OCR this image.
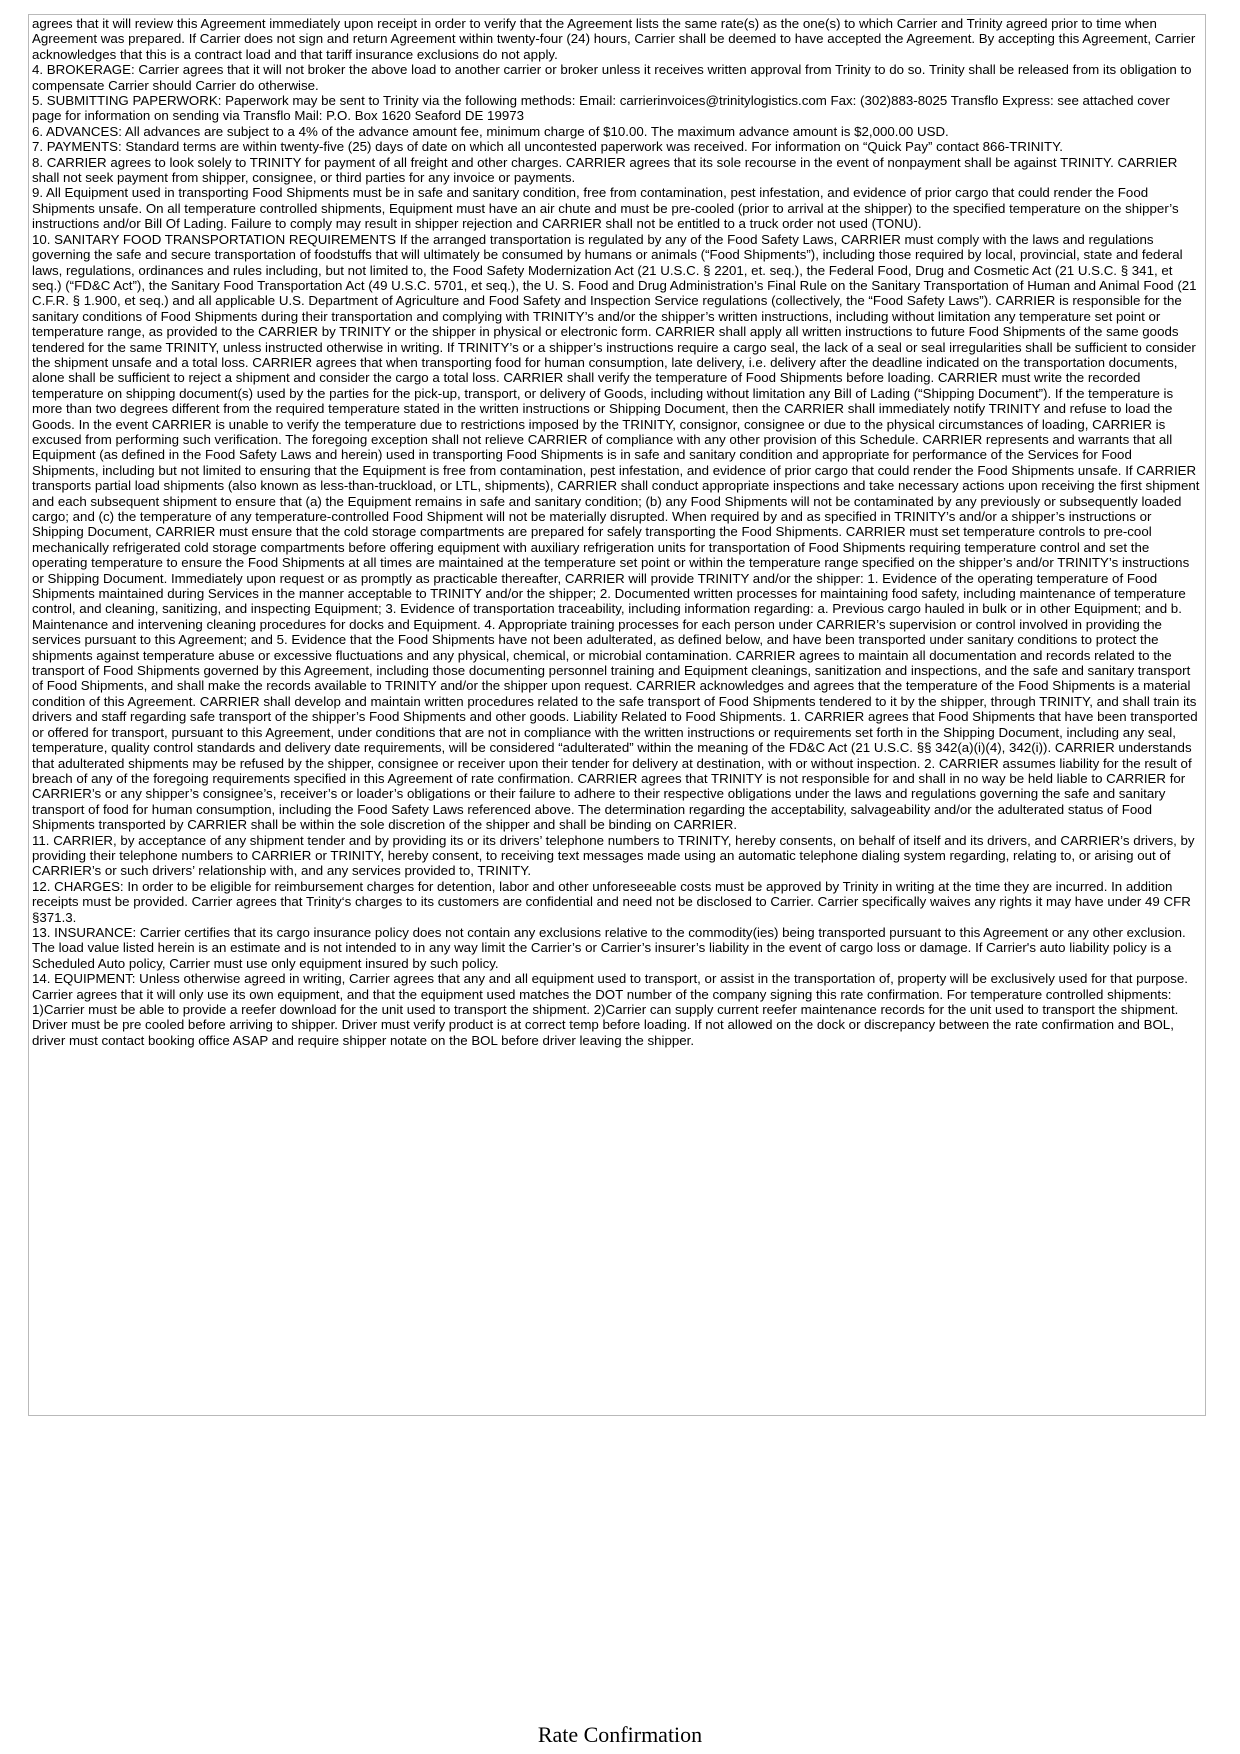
agrees that it will review this Agreement immediately upon receipt in order to verify that the Agreement lists the same rate(s) as the one(s) to which Carrier and Trinity agreed prior to time when Agreement was prepared. If Carrier does not sign and return Agreement within twenty-four (24) hours, Carrier shall be deemed to have accepted the Agreement. By accepting this Agreement, Carrier acknowledges that this is a contract load and that tariff insurance exclusions do not apply.

4. BROKERAGE: Carrier agrees that it will not broker the above load to another carrier or broker unless it receives written approval from Trinity to do so. Trinity shall be released from its obligation to compensate Carrier should Carrier do otherwise.

5. SUBMITTING PAPERWORK: Paperwork may be sent to Trinity via the following methods: Email: carrierinvoices@trinitylogistics.com Fax: (302)883-8025 Transflo Express: see attached cover page for information on sending via Transflo Mail: P.O. Box 1620 Seaford DE 19973

6. ADVANCES: All advances are subject to a 4% of the advance amount fee, minimum charge of $10.00. The maximum advance amount is $2,000.00 USD.

7. PAYMENTS: Standard terms are within twenty-five (25) days of date on which all uncontested paperwork was received. For information on “Quick Pay” contact 866-TRINITY.

8. CARRIER agrees to look solely to TRINITY for payment of all freight and other charges. CARRIER agrees that its sole recourse in the event of nonpayment shall be against TRINITY. CARRIER shall not seek payment from shipper, consignee, or third parties for any invoice or payments.

9. All Equipment used in transporting Food Shipments must be in safe and sanitary condition, free from contamination, pest infestation, and evidence of prior cargo that could render the Food Shipments unsafe. On all temperature controlled shipments, Equipment must have an air chute and must be pre-cooled (prior to arrival at the shipper) to the specified temperature on the shipper’s instructions and/or Bill Of Lading. Failure to comply may result in shipper rejection and CARRIER shall not be entitled to a truck order not used (TONU).

10. SANITARY FOOD TRANSPORTATION REQUIREMENTS If the arranged transportation is regulated by any of the Food Safety Laws, CARRIER must comply with the laws and regulations governing the safe and secure transportation of foodstuffs that will ultimately be consumed by humans or animals (“Food Shipments”), including those required by local, provincial, state and federal laws, regulations, ordinances and rules including, but not limited to, the Food Safety Modernization Act (21 U.S.C. § 2201, et. seq.), the Federal Food, Drug and Cosmetic Act (21 U.S.C. § 341, et seq.) (“FD&C Act”), the Sanitary Food Transportation Act (49 U.S.C. 5701, et seq.), the U. S. Food and Drug Administration’s Final Rule on the Sanitary Transportation of Human and Animal Food (21 C.F.R. § 1.900, et seq.) and all applicable U.S. Department of Agriculture and Food Safety and Inspection Service regulations (collectively, the “Food Safety Laws”). CARRIER is responsible for the sanitary conditions of Food Shipments during their transportation and complying with TRINITY’s and/or the shipper’s written instructions, including without limitation any temperature set point or temperature range, as provided to the CARRIER by TRINITY or the shipper in physical or electronic form. CARRIER shall apply all written instructions to future Food Shipments of the same goods tendered for the same TRINITY, unless instructed otherwise in writing. If TRINITY’s or a shipper’s instructions require a cargo seal, the lack of a seal or seal irregularities shall be sufficient to consider the shipment unsafe and a total loss. CARRIER agrees that when transporting food for human consumption, late delivery, i.e. delivery after the deadline indicated on the transportation documents, alone shall be sufficient to reject a shipment and consider the cargo a total loss. CARRIER shall verify the temperature of Food Shipments before loading. CARRIER must write the recorded temperature on shipping document(s) used by the parties for the pick-up, transport, or delivery of Goods, including without limitation any Bill of Lading (“Shipping Document”). If the temperature is more than two degrees different from the required temperature stated in the written instructions or Shipping Document, then the CARRIER shall immediately notify TRINITY and refuse to load the Goods. In the event CARRIER is unable to verify the temperature due to restrictions imposed by the TRINITY, consignor, consignee or due to the physical circumstances of loading, CARRIER is excused from performing such verification. The foregoing exception shall not relieve CARRIER of compliance with any other provision of this Schedule. CARRIER represents and warrants that all Equipment (as defined in the Food Safety Laws and herein) used in transporting Food Shipments is in safe and sanitary condition and appropriate for performance of the Services for Food Shipments, including but not limited to ensuring that the Equipment is free from contamination, pest infestation, and evidence of prior cargo that could render the Food Shipments unsafe. If CARRIER transports partial load shipments (also known as less-than-truckload, or LTL, shipments), CARRIER shall conduct appropriate inspections and take necessary actions upon receiving the first shipment and each subsequent shipment to ensure that (a) the Equipment remains in safe and sanitary condition; (b) any Food Shipments will not be contaminated by any previously or subsequently loaded cargo; and (c) the temperature of any temperature-controlled Food Shipment will not be materially disrupted. When required by and as specified in TRINITY’s and/or a shipper’s instructions or Shipping Document, CARRIER must ensure that the cold storage compartments are prepared for safely transporting the Food Shipments. CARRIER must set temperature controls to pre-cool mechanically refrigerated cold storage compartments before offering equipment with auxiliary refrigeration units for transportation of Food Shipments requiring temperature control and set the operating temperature to ensure the Food Shipments at all times are maintained at the temperature set point or within the temperature range specified on the shipper’s and/or TRINITY’s instructions or Shipping Document. Immediately upon request or as promptly as practicable thereafter, CARRIER will provide TRINITY and/or the shipper: 1. Evidence of the operating temperature of Food Shipments maintained during Services in the manner acceptable to TRINITY and/or the shipper; 2. Documented written processes for maintaining food safety, including maintenance of temperature control, and cleaning, sanitizing, and inspecting Equipment; 3. Evidence of transportation traceability, including information regarding: a. Previous cargo hauled in bulk or in other Equipment; and b. Maintenance and intervening cleaning procedures for docks and Equipment. 4. Appropriate training processes for each person under CARRIER’s supervision or control involved in providing the services pursuant to this Agreement; and 5. Evidence that the Food Shipments have not been adulterated, as defined below, and have been transported under sanitary conditions to protect the shipments against temperature abuse or excessive fluctuations and any physical, chemical, or microbial contamination. CARRIER agrees to maintain all documentation and records related to the transport of Food Shipments governed by this Agreement, including those documenting personnel training and Equipment cleanings, sanitization and inspections, and the safe and sanitary transport of Food Shipments, and shall make the records available to TRINITY and/or the shipper upon request. CARRIER acknowledges and agrees that the temperature of the Food Shipments is a material condition of this Agreement. CARRIER shall develop and maintain written procedures related to the safe transport of Food Shipments tendered to it by the shipper, through TRINITY, and shall train its drivers and staff regarding safe transport of the shipper’s Food Shipments and other goods. Liability Related to Food Shipments. 1. CARRIER agrees that Food Shipments that have been transported or offered for transport, pursuant to this Agreement, under conditions that are not in compliance with the written instructions or requirements set forth in the Shipping Document, including any seal, temperature, quality control standards and delivery date requirements, will be considered “adulterated” within the meaning of the FD&C Act (21 U.S.C. §§ 342(a)(i)(4), 342(i)). CARRIER understands that adulterated shipments may be refused by the shipper, consignee or receiver upon their tender for delivery at destination, with or without inspection. 2. CARRIER assumes liability for the result of breach of any of the foregoing requirements specified in this Agreement of rate confirmation. CARRIER agrees that TRINITY is not responsible for and shall in no way be held liable to CARRIER for CARRIER’s or any shipper’s consignee’s, receiver’s or loader’s obligations or their failure to adhere to their respective obligations under the laws and regulations governing the safe and sanitary transport of food for human consumption, including the Food Safety Laws referenced above. The determination regarding the acceptability, salvageability and/or the adulterated status of Food Shipments transported by CARRIER shall be within the sole discretion of the shipper and shall be binding on CARRIER.

11. CARRIER, by acceptance of any shipment tender and by providing its or its drivers’ telephone numbers to TRINITY, hereby consents, on behalf of itself and its drivers, and CARRIER’s drivers, by providing their telephone numbers to CARRIER or TRINITY, hereby consent, to receiving text messages made using an automatic telephone dialing system regarding, relating to, or arising out of CARRIER’s or such drivers’ relationship with, and any services provided to, TRINITY.

12. CHARGES: In order to be eligible for reimbursement charges for detention, labor and other unforeseeable costs must be approved by Trinity in writing at the time they are incurred. In addition receipts must be provided. Carrier agrees that Trinity‘s charges to its customers are confidential and need not be disclosed to Carrier. Carrier specifically waives any rights it may have under 49 CFR §371.3.

13. INSURANCE: Carrier certifies that its cargo insurance policy does not contain any exclusions relative to the commodity(ies) being transported pursuant to this Agreement or any other exclusion. The load value listed herein is an estimate and is not intended to in any way limit the Carrier’s or Carrier’s insurer’s liability in the event of cargo loss or damage. If Carrier's auto liability policy is a Scheduled Auto policy, Carrier must use only equipment insured by such policy.

14. EQUIPMENT: Unless otherwise agreed in writing, Carrier agrees that any and all equipment used to transport, or assist in the transportation of, property will be exclusively used for that purpose. Carrier agrees that it will only use its own equipment, and that the equipment used matches the DOT number of the company signing this rate confirmation. For temperature controlled shipments: 1)Carrier must be able to provide a reefer download for the unit used to transport the shipment. 2)Carrier can supply current reefer maintenance records for the unit used to transport the shipment. Driver must be pre cooled before arriving to shipper. Driver must verify product is at correct temp before loading. If not allowed on the dock or discrepancy between the rate confirmation and BOL, driver must contact booking office ASAP and require shipper notate on the BOL before driver leaving the shipper.

Rate Confirmation
